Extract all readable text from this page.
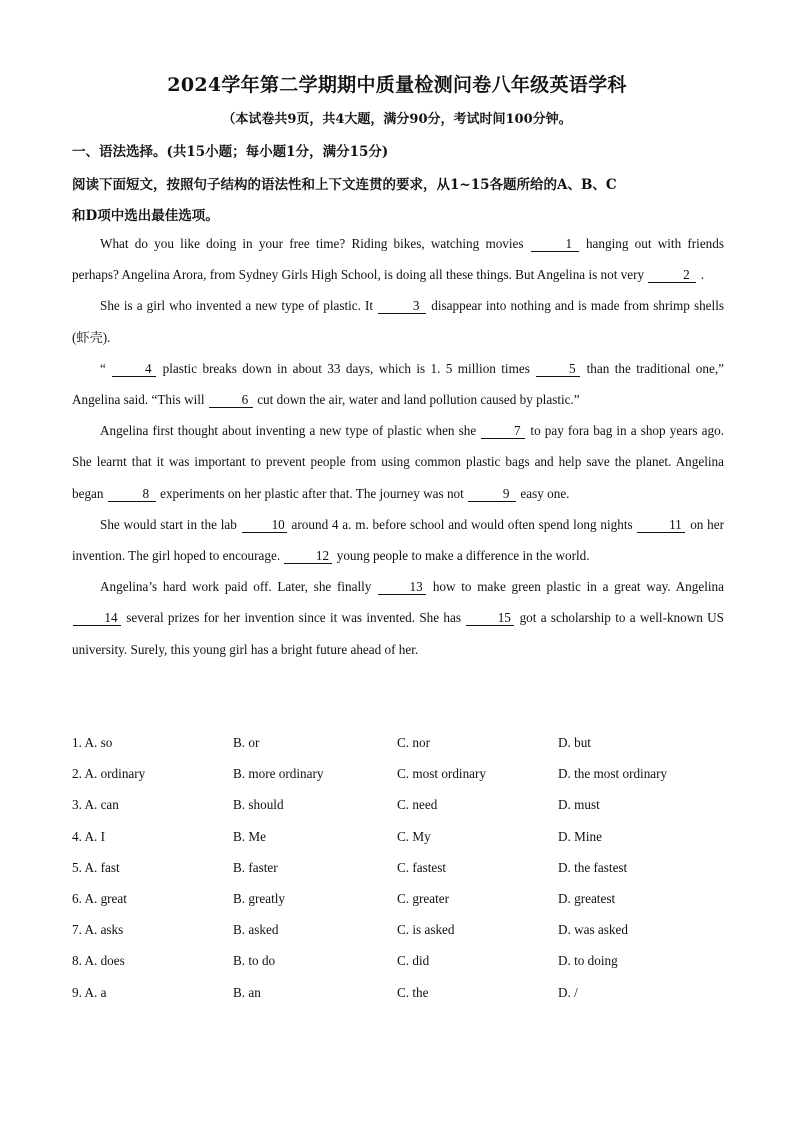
2024学年第二学期期中质量检测问卷八年级英语学科
（本试卷共9页，共4大题，满分90分，考试时间100分钟。
一、语法选择。(共15小题；每小题1分，满分15分)
阅读下面短文，按照句子结构的语法性和上下文连贯的要求，从1~15各题所给的A、B、C
和D项中选出最佳选项。

What do you like doing in your free time? Riding bikes, watching movies	1 hanging out with friends perhaps? Angelina Arora, from Sydney Girls High School, is doing all these things. But Angelina is not very	2 .

She is a girl who invented a new type of plastic. It	3 disappear into nothing and is made from shrimp shells (虾壳).

“	4 plastic breaks down in about 33 days, which is 1. 5 million times	5 than the traditional one,” Angelina said. “This will	6 cut down the air, water and land pollution caused by plastic.”

Angelina first thought about inventing a new type of plastic when she	7 to pay fora bag in a shop years ago. She learnt that it was important to prevent people from using common plastic bags and help save the planet. Angelina began	8 experiments on her plastic after that. The journey was not	9 easy one.

She would start in the lab 10 around 4 a. m. before school and would often spend long nights 11 on her invention. The girl hoped to encourage. 12 young people to make a difference in the world.

Angelina’s hard work paid off. Later, she finally 13 how to make green plastic in a great way. Angelina 14 several prizes for her invention since it was invented. She has 15 got a scholarship to a well-known US university. Surely, this young girl has a bright future ahead of her.

1. A. so	B. or	C. nor	D. but
2. A. ordinary	B. more ordinary	C. most ordinary	D. the most ordinary
3. A. can	B. should	C. need	D. must
4. A. I	B. Me	C. My	D. Mine
5. A. fast	B. faster	C. fastest	D. the fastest
6. A. great	B. greatly	C. greater	D. greatest
7. A. asks	B. asked	C. is asked	D. was asked
8. A. does	B. to do	C. did	D. to doing
9. A. a	B. an	C. the	D. /
